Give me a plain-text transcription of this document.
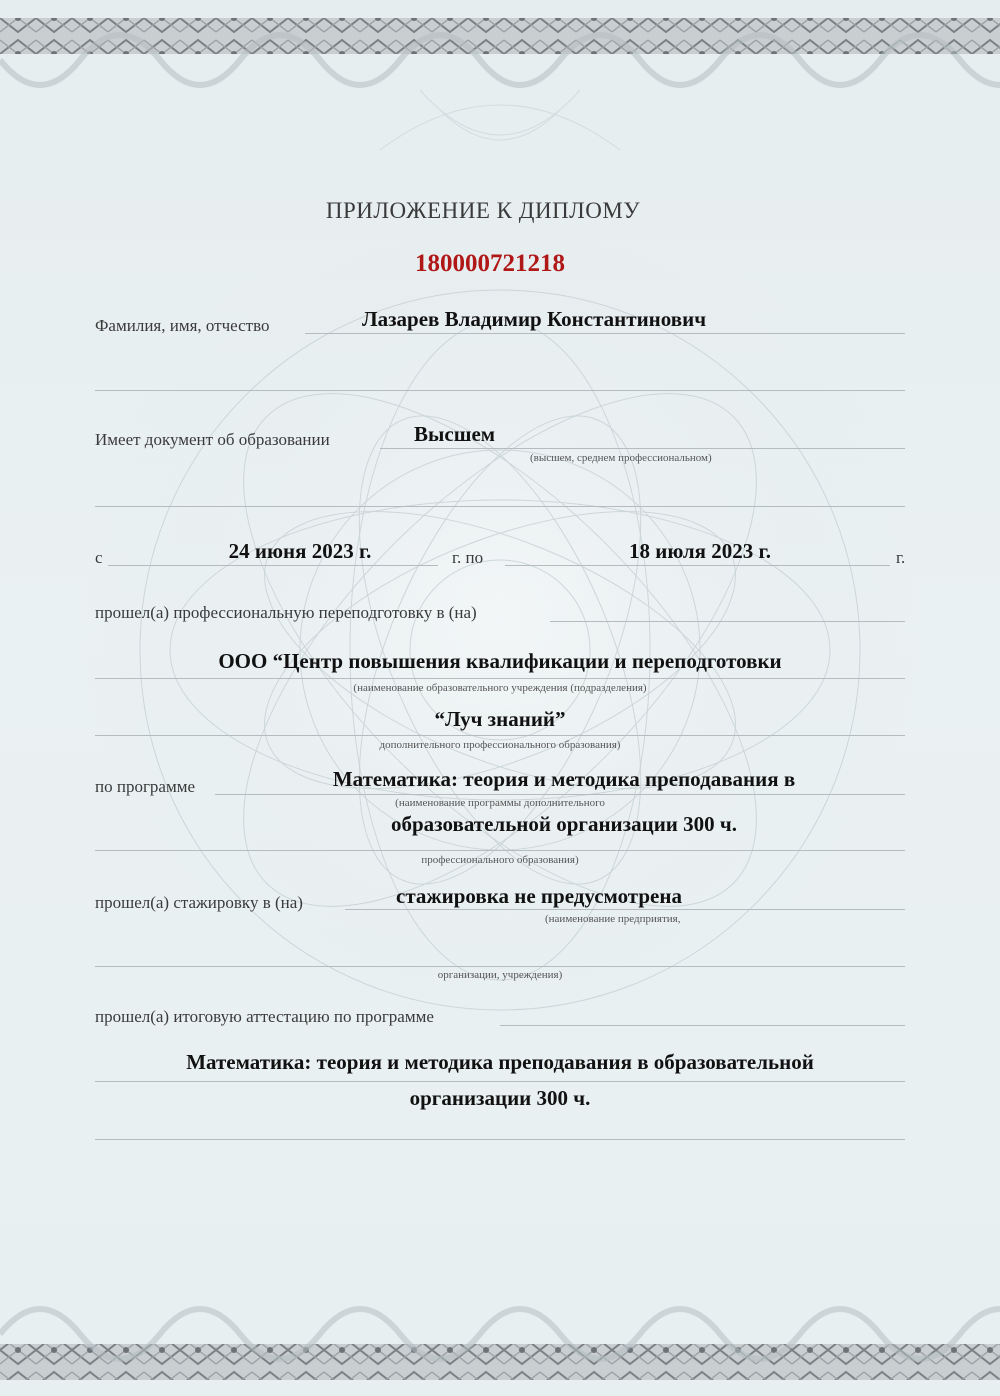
ПРИЛОЖЕНИЕ К ДИПЛОМУ
180000721218
Фамилия, имя, отчество	Лазарев Владимир Константинович
Имеет документ об образовании	Высшем
(высшем, среднем профессиональном)
с	24 июня 2023 г.	г. по	18 июля 2023 г.	г.
прошел(а) профессиональную переподготовку в (на)
ООО “Центр повышения квалификации и переподготовки
(наименование образовательного учреждения (подразделения)
“Луч знаний”
дополнительного профессионального образования)
по программе	Математика: теория и методика преподавания в
(наименование программы дополнительного
образовательной организации 300 ч.
профессионального образования)
прошел(а) стажировку в (на)	стажировка не предусмотрена
(наименование предприятия,
организации, учреждения)
прошел(а) итоговую аттестацию по программе
Математика: теория и методика преподавания в образовательной
организации 300 ч.
